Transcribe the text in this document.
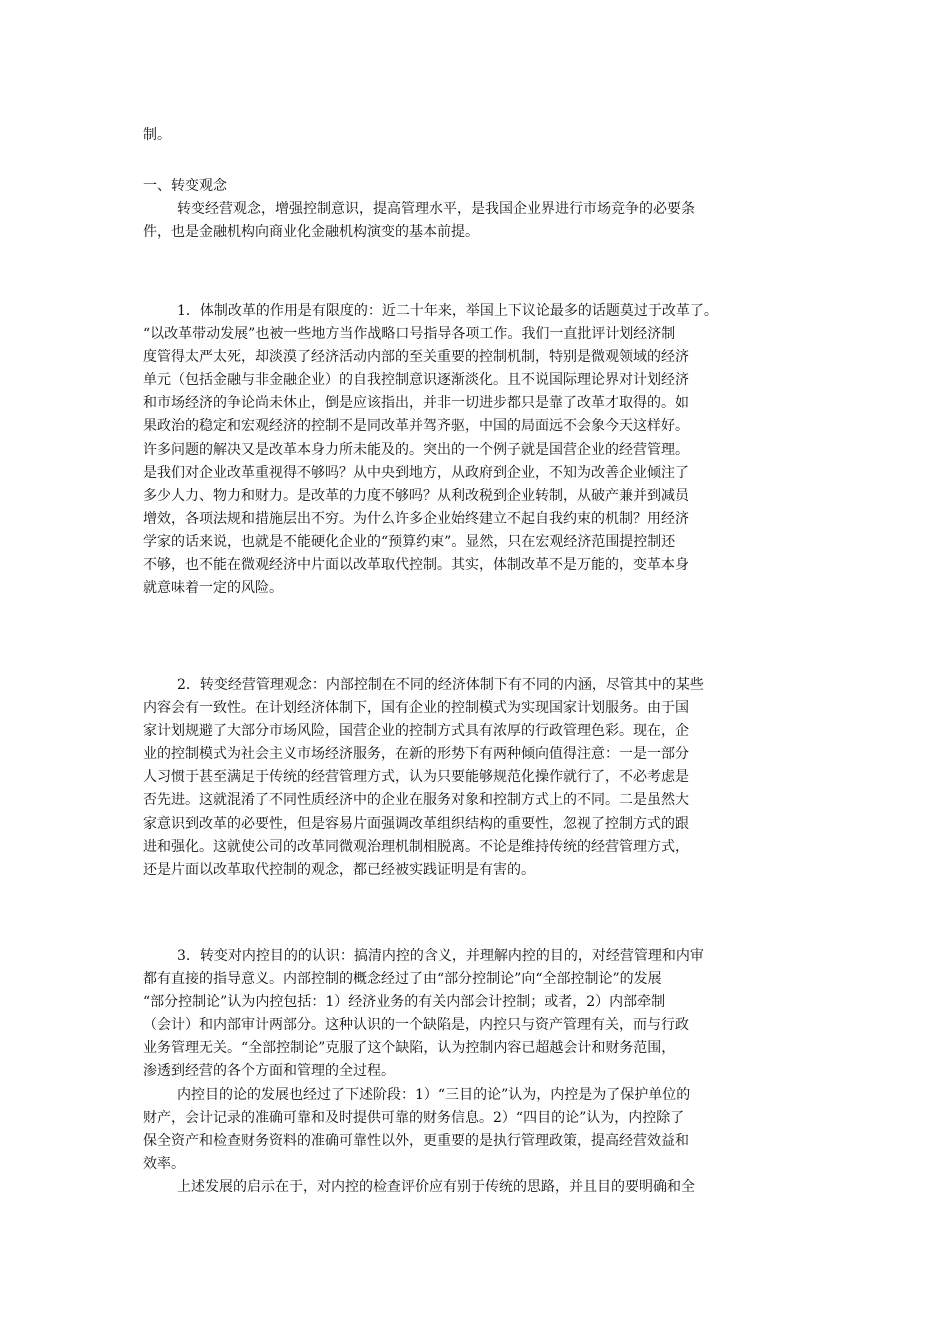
制。
一、转变观念
转变经营观念，增强控制意识，提高管理水平，是我国企业界进行市场竞争的必要条
件，也是金融机构向商业化金融机构演变的基本前提。
1．体制改革的作用是有限度的：近二十年来，举国上下议论最多的话题莫过于改革了。
“以改革带动发展”也被一些地方当作战略口号指导各项工作。我们一直批评计划经济制
度管得太严太死，却淡漠了经济活动内部的至关重要的控制机制，特别是微观领域的经济
单元（包括金融与非金融企业）的自我控制意识逐渐淡化。且不说国际理论界对计划经济
和市场经济的争论尚未休止，倒是应该指出，并非一切进步都只是靠了改革才取得的。如
果政治的稳定和宏观经济的控制不是同改革并驾齐驱，中国的局面远不会象今天这样好。
许多问题的解决又是改革本身力所未能及的。突出的一个例子就是国营企业的经营管理。
是我们对企业改革重视得不够吗？从中央到地方，从政府到企业，不知为改善企业倾注了
多少人力、物力和财力。是改革的力度不够吗？从利改税到企业转制，从破产兼并到减员
增效，各项法规和措施层出不穷。为什么许多企业始终建立不起自我约束的机制？用经济
学家的话来说，也就是不能硬化企业的“预算约束”。显然，只在宏观经济范围提控制还
不够，也不能在微观经济中片面以改革取代控制。其实，体制改革不是万能的，变革本身
就意味着一定的风险。
2．转变经营管理观念：内部控制在不同的经济体制下有不同的内涵，尽管其中的某些
内容会有一致性。在计划经济体制下，国有企业的控制模式为实现国家计划服务。由于国
家计划规避了大部分市场风险，国营企业的控制方式具有浓厚的行政管理色彩。现在，企
业的控制模式为社会主义市场经济服务，在新的形势下有两种倾向值得注意：一是一部分
人习惯于甚至满足于传统的经营管理方式，认为只要能够规范化操作就行了，不必考虑是
否先进。这就混淆了不同性质经济中的企业在服务对象和控制方式上的不同。二是虽然大
家意识到改革的必要性，但是容易片面强调改革组织结构的重要性，忽视了控制方式的跟
进和强化。这就使公司的改革同微观治理机制相脱离。不论是维持传统的经营管理方式，
还是片面以改革取代控制的观念，都已经被实践证明是有害的。
3．转变对内控目的的认识：搞清内控的含义，并理解内控的目的，对经营管理和内审
都有直接的指导意义。内部控制的概念经过了由“部分控制论”向“全部控制论”的发展
“部分控制论”认为内控包括：1）经济业务的有关内部会计控制；或者，2）内部牵制
（会计）和内部审计两部分。这种认识的一个缺陷是，内控只与资产管理有关，而与行政
业务管理无关。“全部控制论”克服了这个缺陷，认为控制内容已超越会计和财务范围，
渗透到经营的各个方面和管理的全过程。
内控目的论的发展也经过了下述阶段：1）“三目的论”认为，内控是为了保护单位的
财产，会计记录的准确可靠和及时提供可靠的财务信息。2）“四目的论”认为，内控除了
保全资产和检查财务资料的准确可靠性以外，更重要的是执行管理政策，提高经营效益和
效率。
上述发展的启示在于，对内控的检查评价应有别于传统的思路，并且目的要明确和全
